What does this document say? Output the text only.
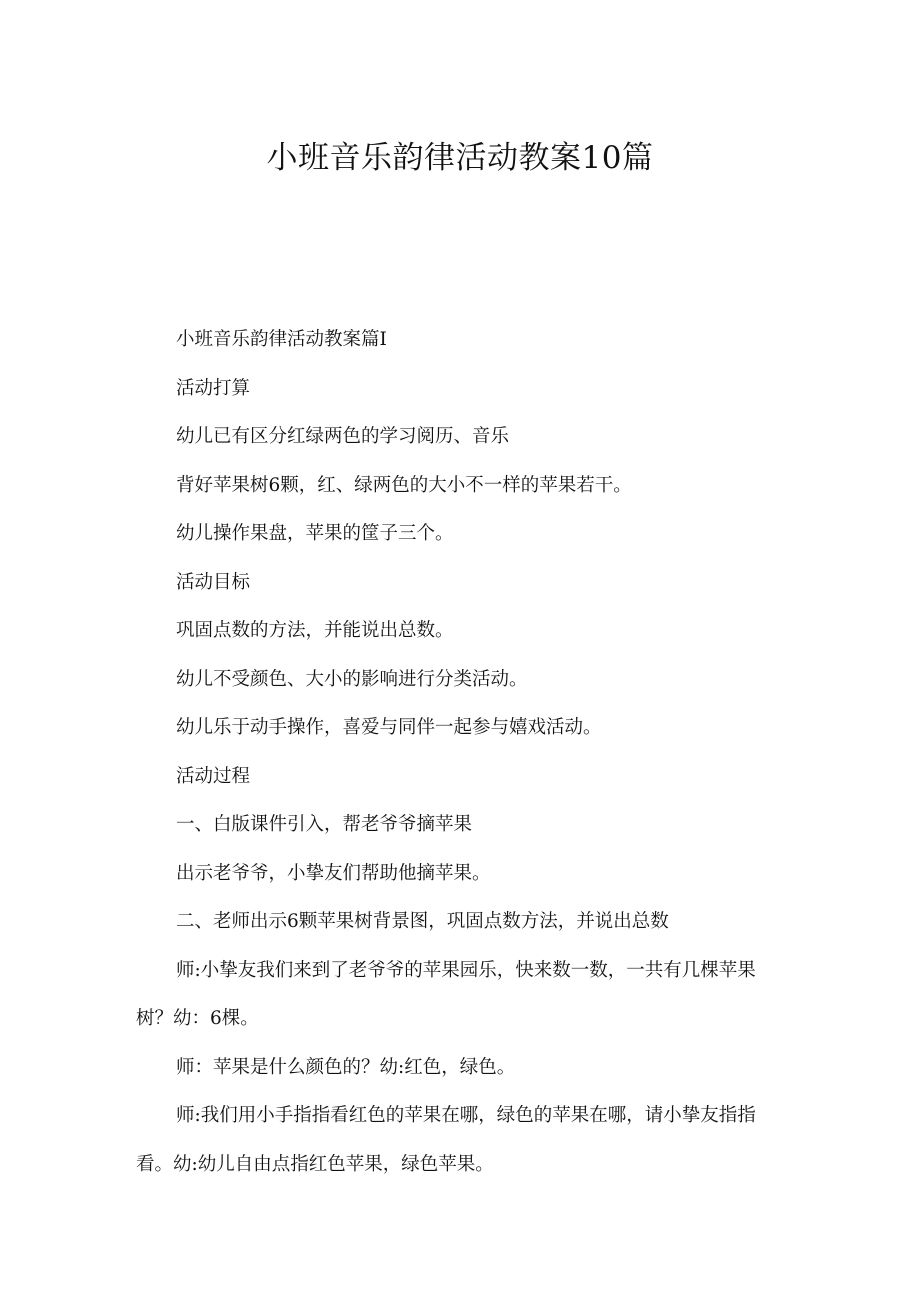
小班音乐韵律活动教案10篇

小班音乐韵律活动教案篇I

活动打算

幼儿已有区分红绿两色的学习阅历、音乐

背好苹果树6颗，红、绿两色的大小不一样的苹果若干。

幼儿操作果盘，苹果的筐子三个。

活动目标

巩固点数的方法，并能说出总数。

幼儿不受颜色、大小的影响进行分类活动。

幼儿乐于动手操作，喜爱与同伴一起参与嬉戏活动。

活动过程

一、白版课件引入，帮老爷爷摘苹果

出示老爷爷，小挚友们帮助他摘苹果。

二、老师出示6颗苹果树背景图，巩固点数方法，并说出总数

师:小挚友我们来到了老爷爷的苹果园乐，快来数一数，一共有几棵苹果树？幼：6棵。

师：苹果是什么颜色的？幼:红色，绿色。

师:我们用小手指指看红色的苹果在哪，绿色的苹果在哪，请小挚友指指看。幼:幼儿自由点指红色苹果，绿色苹果。
